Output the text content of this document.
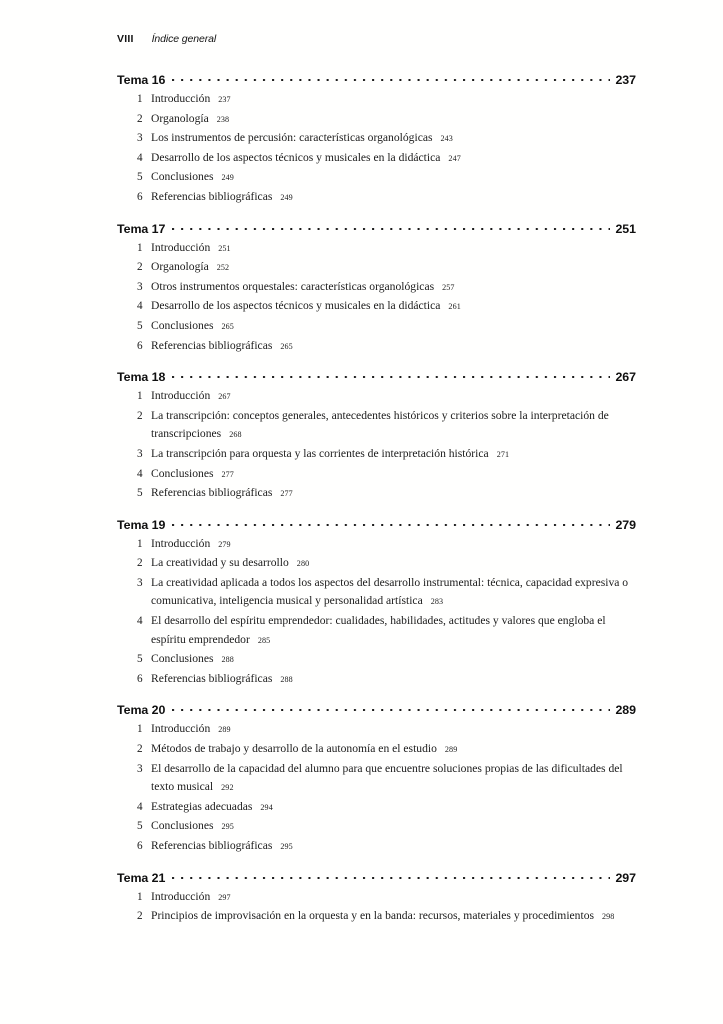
VIII Índice general
Tema 16	237
1 Introducción 237
2 Organología 238
3 Los instrumentos de percusión: características organológicas 243
4 Desarrollo de los aspectos técnicos y musicales en la didáctica 247
5 Conclusiones 249
6 Referencias bibliográficas 249
Tema 17	251
1 Introducción 251
2 Organología 252
3 Otros instrumentos orquestales: características organológicas 257
4 Desarrollo de los aspectos técnicos y musicales en la didáctica 261
5 Conclusiones 265
6 Referencias bibliográficas 265
Tema 18	267
1 Introducción 267
2 La transcripción: conceptos generales, antecedentes históricos y criterios sobre la interpretación de transcripciones 268
3 La transcripción para orquesta y las corrientes de interpretación histórica 271
4 Conclusiones 277
5 Referencias bibliográficas 277
Tema 19	279
1 Introducción 279
2 La creatividad y su desarrollo 280
3 La creatividad aplicada a todos los aspectos del desarrollo instrumental: técnica, capacidad expresiva o comunicativa, inteligencia musical y personalidad artística 283
4 El desarrollo del espíritu emprendedor: cualidades, habilidades, actitudes y valores que engloba el espíritu emprendedor 285
5 Conclusiones 288
6 Referencias bibliográficas 288
Tema 20	289
1 Introducción 289
2 Métodos de trabajo y desarrollo de la autonomía en el estudio 289
3 El desarrollo de la capacidad del alumno para que encuentre soluciones propias de las dificultades del texto musical 292
4 Estrategias adecuadas 294
5 Conclusiones 295
6 Referencias bibliográficas 295
Tema 21	297
1 Introducción 297
2 Principios de improvisación en la orquesta y en la banda: recursos, materiales y procedimientos 298
